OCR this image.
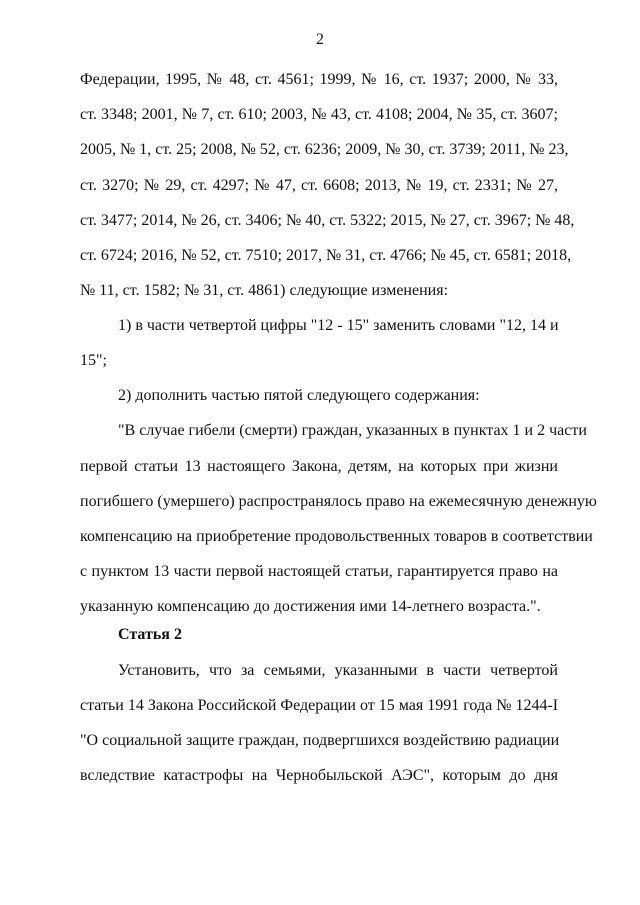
2
Федерации, 1995, № 48, ст. 4561; 1999, № 16, ст. 1937; 2000, № 33,
ст. 3348; 2001, № 7, ст. 610; 2003, № 43, ст. 4108; 2004, № 35, ст. 3607;
2005, № 1, ст. 25; 2008, № 52, ст. 6236; 2009, № 30, ст. 3739; 2011, № 23,
ст. 3270; № 29, ст. 4297; № 47, ст. 6608; 2013, № 19, ст. 2331; № 27,
ст. 3477; 2014, № 26, ст. 3406; № 40, ст. 5322; 2015, № 27, ст. 3967; № 48,
ст. 6724; 2016, № 52, ст. 7510; 2017, № 31, ст. 4766; № 45, ст. 6581; 2018,
№ 11, ст. 1582; № 31, ст. 4861) следующие изменения:
1) в части четвертой цифры "12 - 15" заменить словами "12, 14 и
15";
2) дополнить частью пятой следующего содержания:
"В случае гибели (смерти) граждан, указанных в пунктах 1 и 2 части
первой статьи 13 настоящего Закона, детям, на которых при жизни
погибшего (умершего) распространялось право на ежемесячную денежную
компенсацию на приобретение продовольственных товаров в соответствии
с пунктом 13 части первой настоящей статьи, гарантируется право на
указанную компенсацию до достижения ими 14-летнего возраста.".
Статья 2
Установить, что за семьями, указанными в части четвертой
статьи 14 Закона Российской Федерации от 15 мая 1991 года № 1244-I
"О социальной защите граждан, подвергшихся воздействию радиации
вследствие катастрофы на Чернобыльской АЭС", которым до дня
